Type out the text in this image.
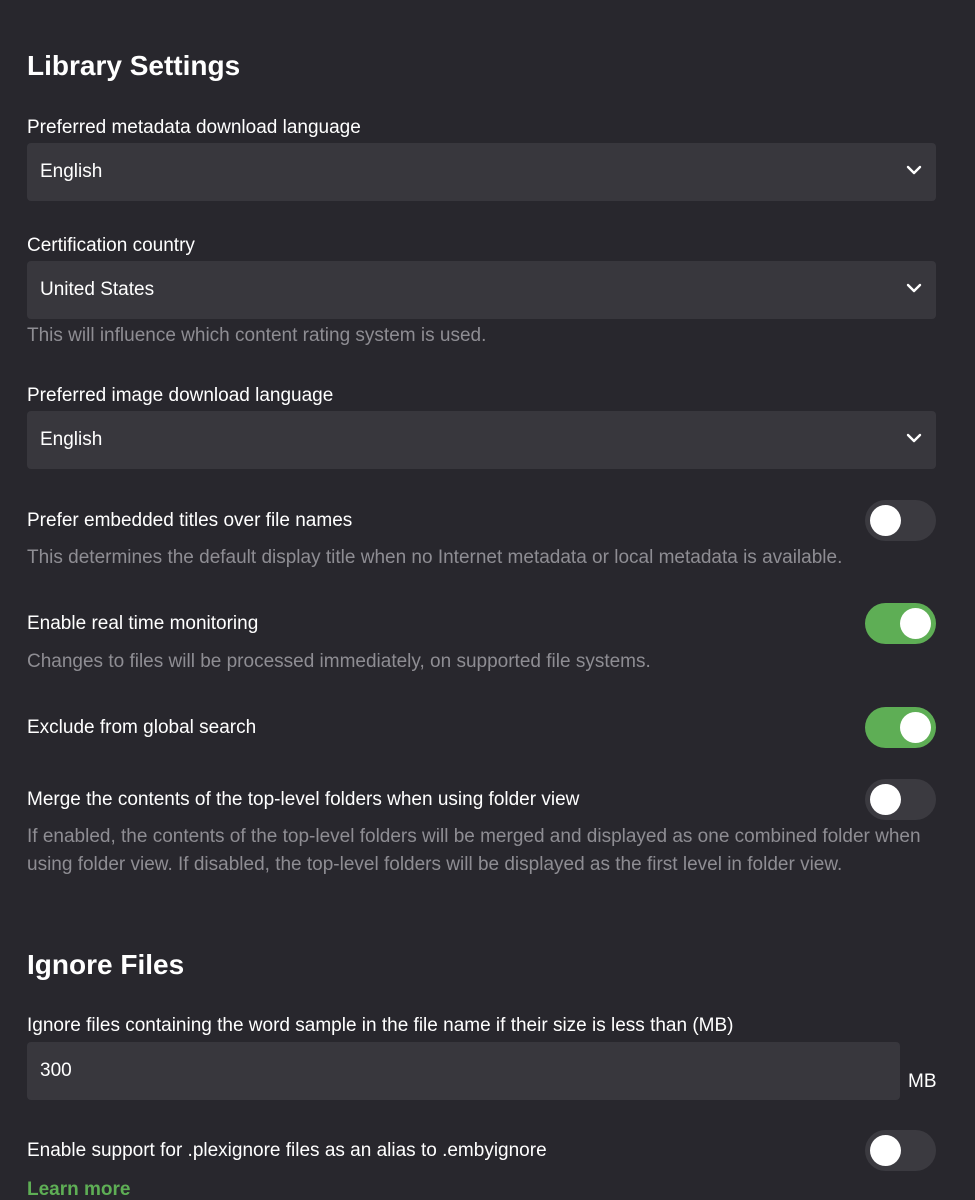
Library Settings
Preferred metadata download language
English
Certification country
United States
This will influence which content rating system is used.
Preferred image download language
English
Prefer embedded titles over file names
This determines the default display title when no Internet metadata or local metadata is available.
Enable real time monitoring
Changes to files will be processed immediately, on supported file systems.
Exclude from global search
Merge the contents of the top-level folders when using folder view
If enabled, the contents of the top-level folders will be merged and displayed as one combined folder when using folder view. If disabled, the top-level folders will be displayed as the first level in folder view.
Ignore Files
Ignore files containing the word sample in the file name if their size is less than (MB)
300
MB
Enable support for .plexignore files as an alias to .embyignore
Learn more
